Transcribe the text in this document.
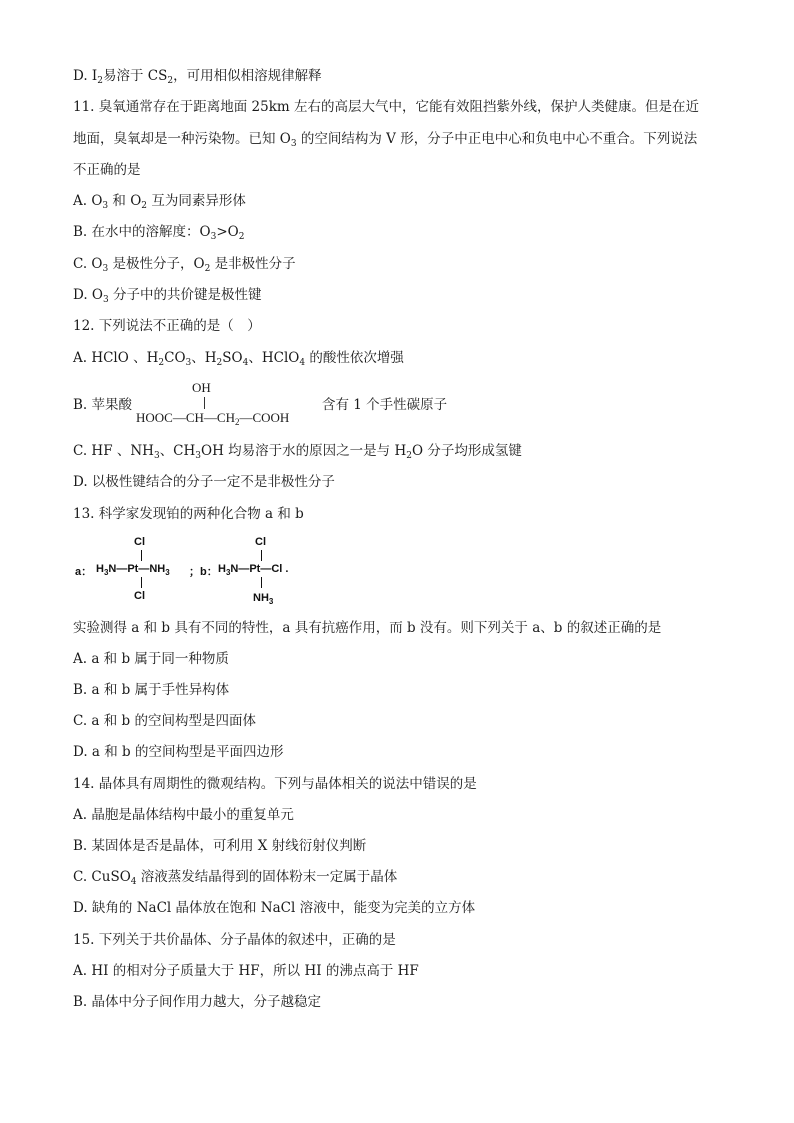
D. $I_2$易溶于 $CS_2$，可用相似相溶规律解释
11. 臭氧通常存在于距离地面 25km 左右的高层大气中，它能有效阻挡紫外线，保护人类健康。但是在近
地面，臭氧却是一种污染物。已知 $O_3$ 的空间结构为 V 形，分子中正电中心和负电中心不重合。下列说法
不正确的是
A. $O_3$ 和 $O_2$ 互为同素异形体
B. 在水中的溶解度：$O_3>O_2$
C. $O_3$ 是极性分子，$O_2$ 是非极性分子
D. $O_3$ 分子中的共价键是极性键
12. 下列说法不正确的是（　）
A. HClO 、$H_2CO_3$、$H_2SO_4$、HClO$_4$ 的酸性依次增强
B. 苹果酸
OH
$HOOC—CH—CH_2—COOH$
含有 1 个手性碳原子
C. HF 、$NH_3$、$CH_3OH$ 均易溶于水的原因之一是与 $H_2O$ 分子均形成氢键
D. 以极性键结合的分子一定不是非极性分子
13. 科学家发现铂的两种化合物 a 和 b
a：
Cl
$H_3N—Pt—NH_3$
Cl
；b：
Cl
$H_3N—Pt—Cl$ .
$NH_3$
实验测得 a 和 b 具有不同的特性，a 具有抗癌作用，而 b 没有。则下列关于 a、b 的叙述正确的是
A. a 和 b 属于同一种物质
B. a 和 b 属于手性异构体
C. a 和 b 的空间构型是四面体
D. a 和 b 的空间构型是平面四边形
14. 晶体具有周期性的微观结构。下列与晶体相关的说法中错误的是
A. 晶胞是晶体结构中最小的重复单元
B. 某固体是否是晶体，可利用 X 射线衍射仪判断
C. CuSO$_4$ 溶液蒸发结晶得到的固体粉末一定属于晶体
D. 缺角的 NaCl 晶体放在饱和 NaCl 溶液中，能变为完美的立方体
15. 下列关于共价晶体、分子晶体的叙述中，正确的是
A. HI 的相对分子质量大于 HF，所以 HI 的沸点高于 HF
B. 晶体中分子间作用力越大，分子越稳定
